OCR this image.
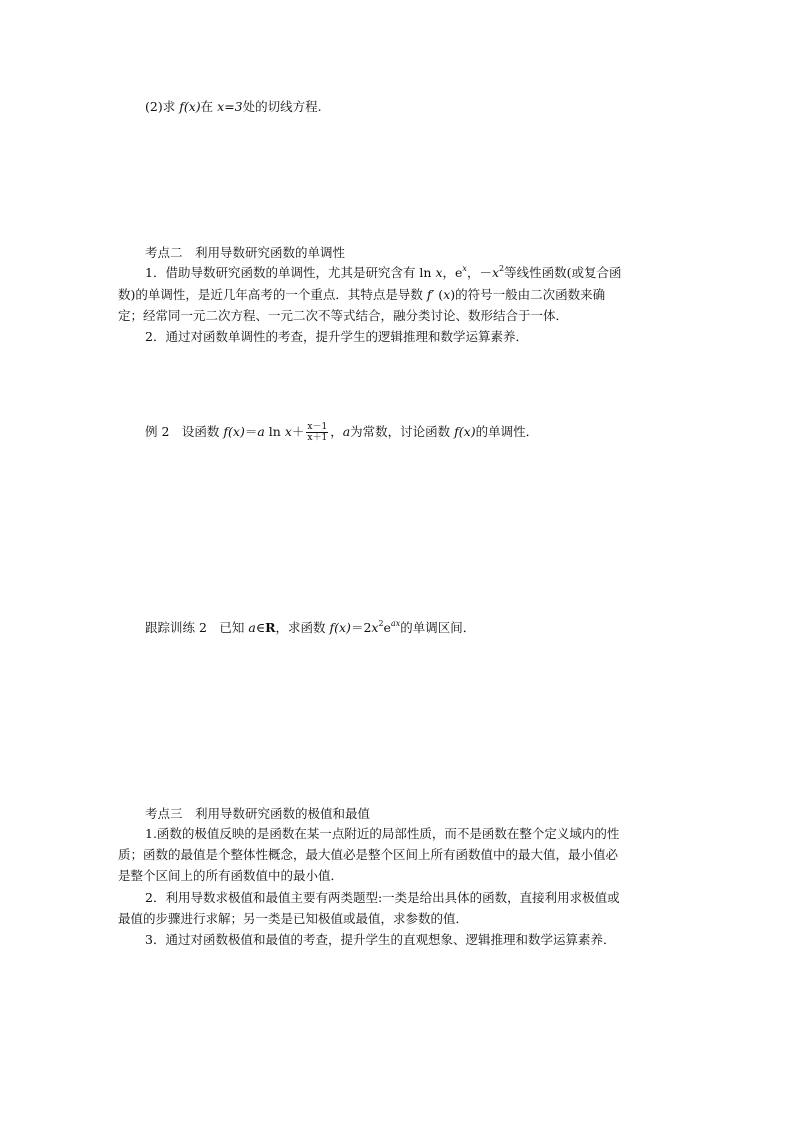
(2)求 f(x)在 x=3处的切线方程.
考点二　利用导数研究函数的单调性
1．借助导数研究函数的单调性，尤其是研究含有 ln x，$e^x$，$-x^2$等线性函数(或复合函
数)的单调性，是近几年高考的一个重点．其特点是导数 f′ (x)的符号一般由二次函数来确
定；经常同一元二次方程、一元二次不等式结合，融分类讨论、数形结合于一体．
2．通过对函数单调性的考查，提升学生的逻辑推理和数学运算素养．
例 2　设函数 f(x)＝a $\ln x+ \frac{x-1}{x+1}$ ，a为常数，讨论函数 f(x)的单调性．
跟踪训练 2　已知 a∈R，求函数 $f(x)=2x^2e^{ax}$的单调区间．
考点三　利用导数研究函数的极值和最值
1.函数的极值反映的是函数在某一点附近的局部性质，而不是函数在整个定义域内的性
质；函数的最值是个整体性概念，最大值必是整个区间上所有函数值中的最大值，最小值必
是整个区间上的所有函数值中的最小值．
2．利用导数求极值和最值主要有两类题型:一类是给出具体的函数，直接利用求极值或
最值的步骤进行求解；另一类是已知极值或最值，求参数的值．
3．通过对函数极值和最值的考查，提升学生的直观想象、逻辑推理和数学运算素养．
